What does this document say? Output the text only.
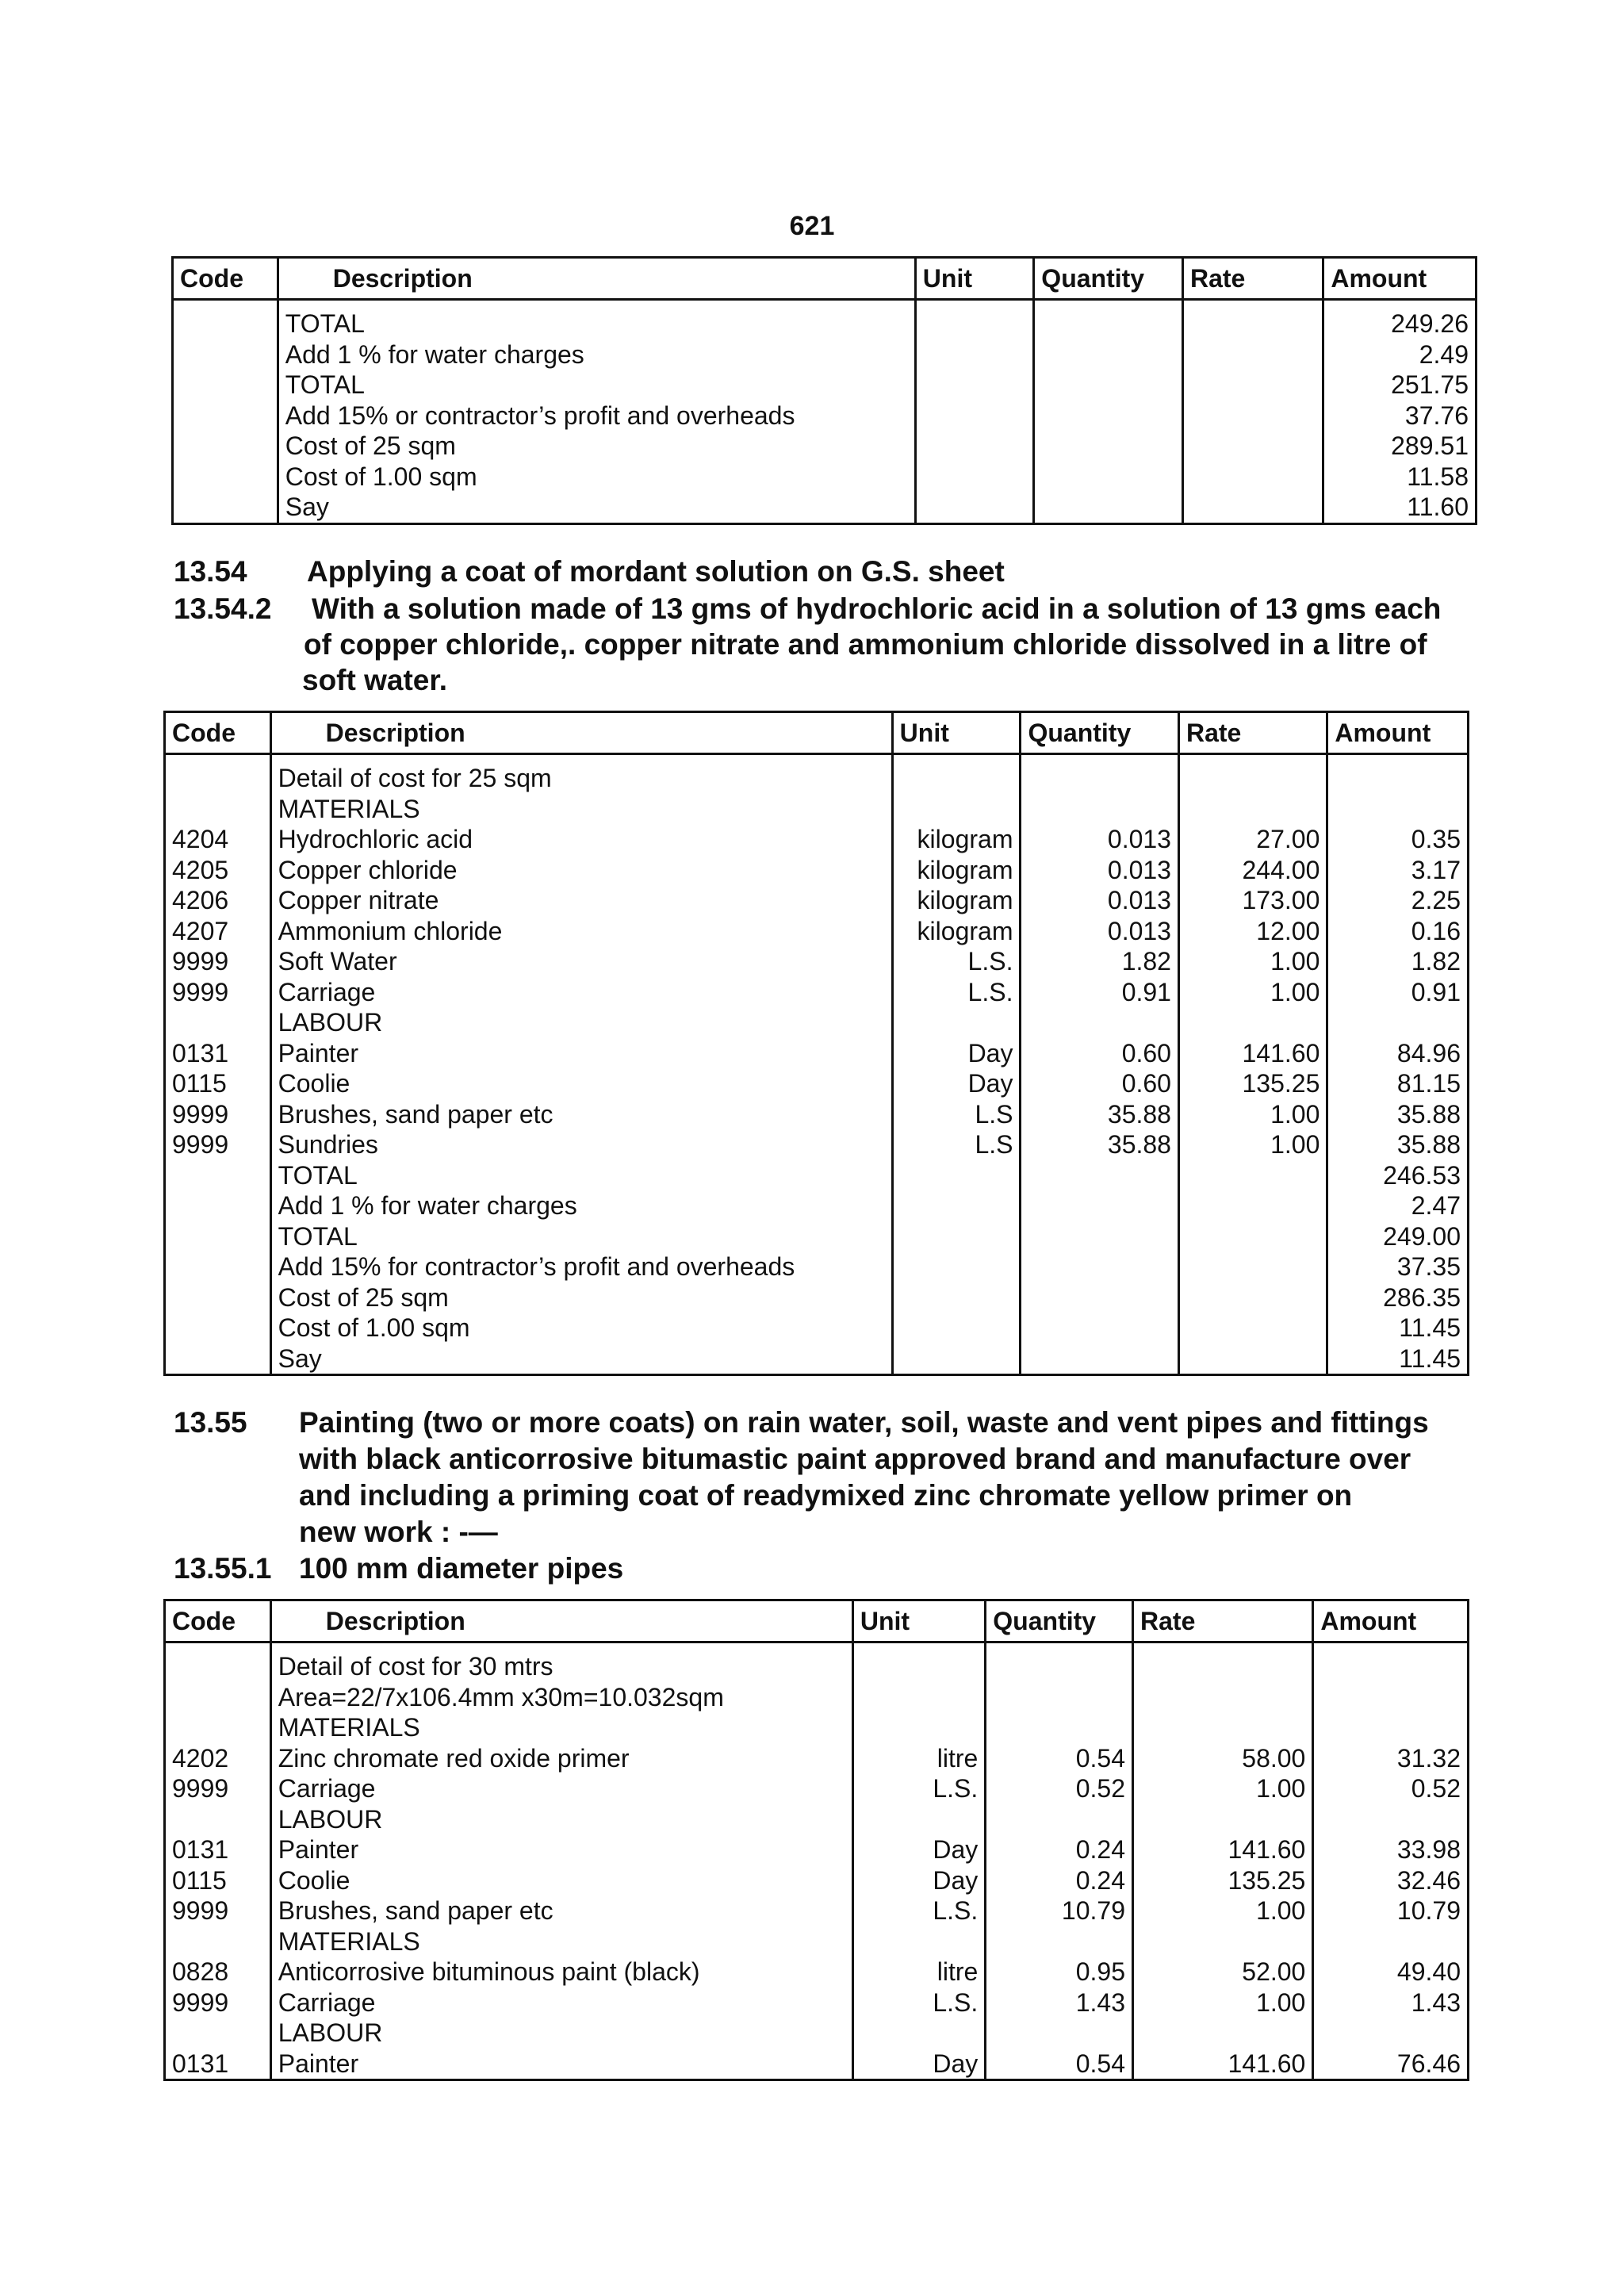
621
Code	Description	Unit	Quantity	Rate	Amount
	TOTAL				249.26
	Add 1 % for water charges				2.49
	TOTAL				251.75
	Add 15% or contractor’s profit and overheads				37.76
	Cost of 25 sqm				289.51
	Cost of 1.00 sqm				11.58
	Say				11.60
13.54 Applying a coat of mordant solution on G.S. sheet
13.54.2	With a solution made of 13 gms of hydrochloric acid in a solution of 13 gms each
of copper chloride,. copper nitrate and ammonium chloride dissolved in a litre of
soft water.
Code	Description	Unit	Quantity	Rate	Amount
	Detail of cost for 25 sqm				
	MATERIALS				
4204	Hydrochloric acid	kilogram	0.013	27.00	0.35
4205	Copper chloride	kilogram	0.013	244.00	3.17
4206	Copper nitrate	kilogram	0.013	173.00	2.25
4207	Ammonium chloride	kilogram	0.013	12.00	0.16
9999	Soft Water	L.S.	1.82	1.00	1.82
9999	Carriage	L.S.	0.91	1.00	0.91
	LABOUR				
0131	Painter	Day	0.60	141.60	84.96
0115	Coolie	Day	0.60	135.25	81.15
9999	Brushes, sand paper etc	L.S	35.88	1.00	35.88
9999	Sundries	L.S	35.88	1.00	35.88
	TOTAL				246.53
	Add 1 % for water charges				2.47
	TOTAL				249.00
	Add 15% for contractor’s profit and overheads				37.35
	Cost of 25 sqm				286.35
	Cost of 1.00 sqm				11.45
	Say				11.45
13.55 Painting (two or more coats) on rain water, soil, waste and vent pipes and fittings
with black anticorrosive bitumastic paint approved brand and manufacture over
and including a priming coat of readymixed zinc chromate yellow primer on
new work : -—
13.55.1 100 mm diameter pipes
Code	Description	Unit	Quantity	Rate	Amount
	Detail of cost for 30 mtrs				
	Area=22/7x106.4mm x30m=10.032sqm				
	MATERIALS				
4202	Zinc chromate red oxide primer	litre	0.54	58.00	31.32
9999	Carriage	L.S.	0.52	1.00	0.52
	LABOUR				
0131	Painter	Day	0.24	141.60	33.98
0115	Coolie	Day	0.24	135.25	32.46
9999	Brushes, sand paper etc	L.S.	10.79	1.00	10.79
	MATERIALS				
0828	Anticorrosive bituminous paint (black)	litre	0.95	52.00	49.40
9999	Carriage	L.S.	1.43	1.00	1.43
	LABOUR				
0131	Painter	Day	0.54	141.60	76.46
